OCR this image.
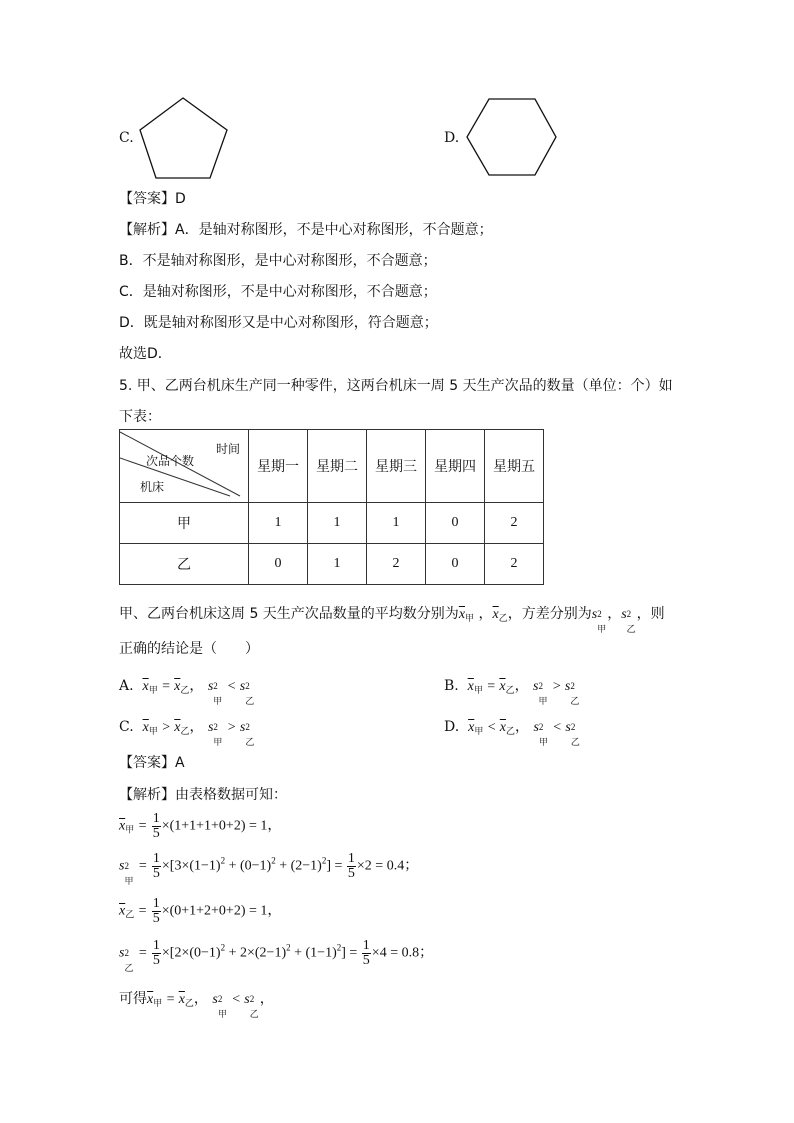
C.	D.
【答案】D
【解析】A．是轴对称图形，不是中心对称图形，不合题意；
B．不是轴对称图形，是中心对称图形，不合题意；
C．是轴对称图形，不是中心对称图形，不合题意；
D．既是轴对称图形又是中心对称图形，符合题意；
故选D．
5. 甲、乙两台机床生产同一种零件，这两台机床一周 5 天生产次品的数量（单位：个）如
下表：
时间
次品个数
机床	星期一	星期二	星期三	星期四	星期五
甲	1	1	1	0	2
乙	0	1	2	0	2
甲、乙两台机床这周 5 天生产次品数量的平均数分别为$\overline{x}_甲$ ，$\overline{x}_乙$，方差分别为s 2
甲
，s 2
乙
，则
正确的结论是（　　）
A. $\overline{x}_甲 = \overline{x}_乙$， s 2
甲
< s 2
乙
B. $\overline{x}_甲 = \overline{x}_乙$， s 2
甲
> s 2
乙
C. $\overline{x}_甲 > \overline{x}_乙$， s 2
甲
> s 2
乙
D. $\overline{x}_甲 < \overline{x}_乙$， s 2
甲
< s 2
乙
【答案】A
【解析】由表格数据可知：
$\overline{x}_甲 = \frac{1}{5} \times(1+1+1+0+2) = 1$，
s 2
甲
= $\frac{1}{5} \times[3\times(1-1)^2 + (0-1)^2 + (2-1)^2] = \frac{1}{5} \times 2 = 0.4$；
$\overline{x}_乙 = \frac{1}{5} \times(0+1+2+0+2) = 1$，
s 2
乙
= $\frac{1}{5} \times[2\times(0-1)^2 + 2\times(2-1)^2 + (1-1)^2] = \frac{1}{5} \times 4 = 0.8$；
可得$\overline{x}_甲 = \overline{x}_乙$， s 2
甲
< s 2
乙
，
